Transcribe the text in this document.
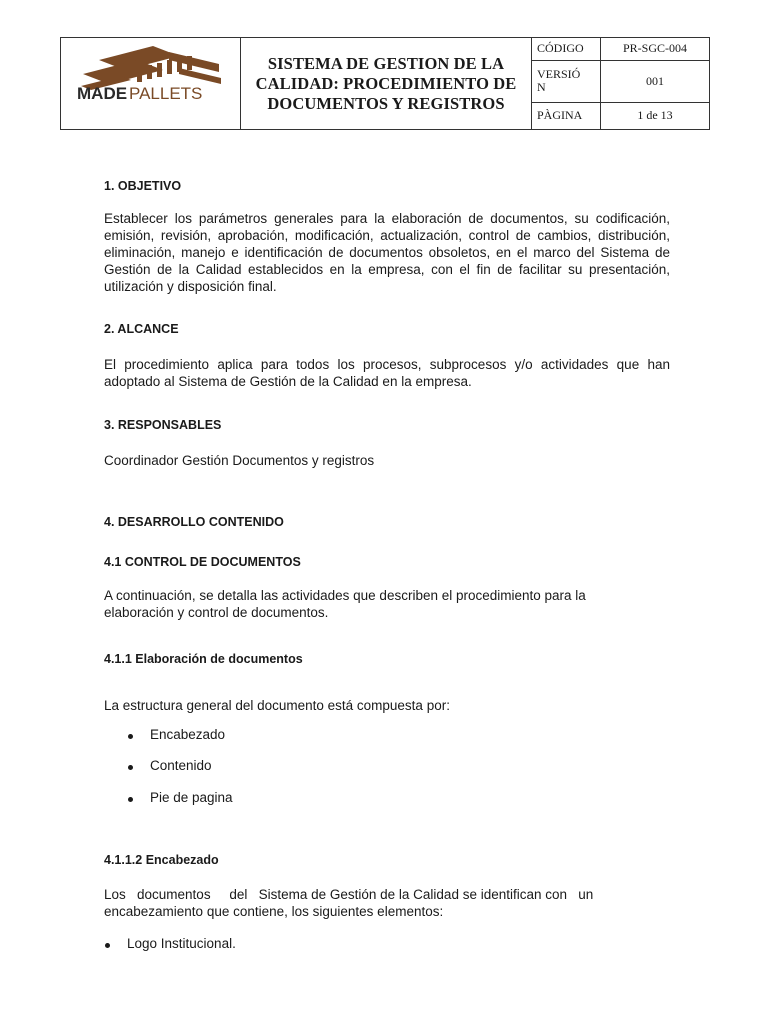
MADE PALLETS	SISTEMA DE GESTION DE LA
CALIDAD: PROCEDIMIENTO DE
DOCUMENTOS Y REGISTROS	CÓDIGO	PR-SGC-004
		VERSIÓ N	001
		PÀGINA	1 de 13
1. OBJETIVO
Establecer los parámetros generales para la elaboración de documentos, su codificación, emisión, revisión, aprobación, modificación, actualización, control de cambios, distribución, eliminación, manejo e identificación de documentos obsoletos, en el marco del Sistema de Gestión de la Calidad establecidos en la empresa, con el fin de facilitar su presentación, utilización y disposición final.
2. ALCANCE
El procedimiento aplica para todos los procesos, subprocesos y/o actividades que han adoptado al Sistema de Gestión de la Calidad en la empresa.
3. RESPONSABLES
Coordinador Gestión Documentos y registros
4. DESARROLLO CONTENIDO
4.1 CONTROL DE DOCUMENTOS
A continuación, se detalla las actividades que describen el procedimiento para la elaboración y control de documentos.
4.1.1 Elaboración de documentos
La estructura general del documento está compuesta por:
4.1.1.2 Encabezado
Los   documentos     del   Sistema de Gestión de la Calidad se identifican con   un encabezamiento que contiene, los siguientes elementos:
Encabezado
Contenido
Pie de pagina
Logo Institucional.
